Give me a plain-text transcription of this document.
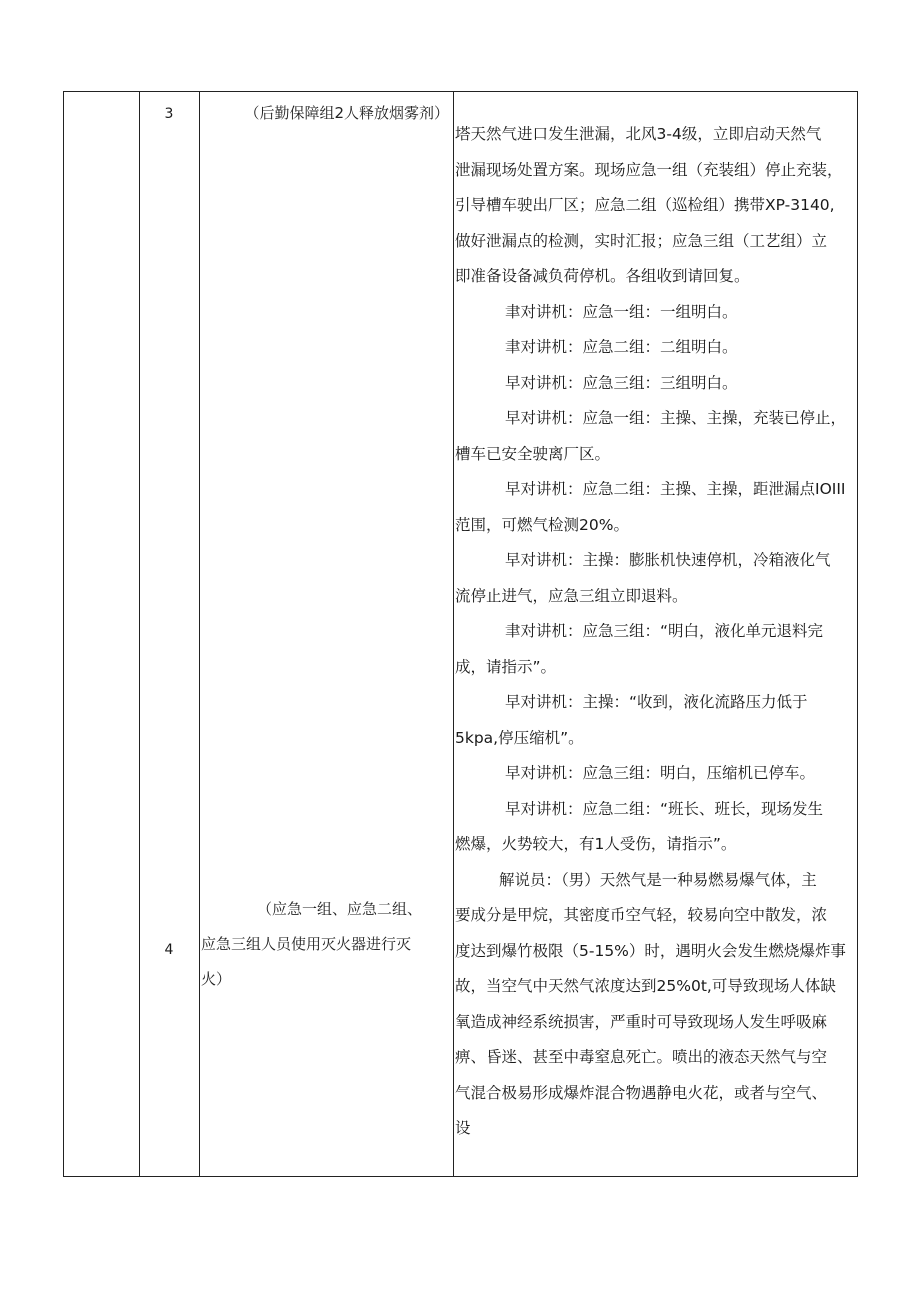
3	（后勤保障组2人释放烟雾剂）
4
（应急一组、应急二组、
应急三组人员使用灭火器进行灭
火）
塔天然气进口发生泄漏，北风3-4级，立即启动天然气
泄漏现场处置方案。现场应急一组（充装组）停止充装，
引导槽车驶出厂区；应急二组（巡检组）携带XP-3140,
做好泄漏点的检测，实时汇报；应急三组（工艺组）立
即准备设备减负荷停机。各组收到请回复。
聿对讲机：应急一组：一组明白。
聿对讲机：应急二组：二组明白。
早对讲机：应急三组：三组明白。
早对讲机：应急一组：主操、主操，充装已停止，
槽车已安全驶离厂区。
早对讲机：应急二组：主操、主操，距泄漏点IOIII
范围，可燃气检测20%。
早对讲机：主操：膨胀机快速停机，冷箱液化气
流停止进气，应急三组立即退料。
聿对讲机：应急三组：“明白，液化单元退料完
成，请指示”。
早对讲机：主操：“收到，液化流路压力低于
5kpa,停压缩机”。
早对讲机：应急三组：明白，压缩机已停车。
早对讲机：应急二组：“班长、班长，现场发生
燃爆，火势较大，有1人受伤，请指示”。
解说员：（男）天然气是一种易燃易爆气体，主
要成分是甲烷，其密度币空气轻，较易向空中散发，浓
度达到爆竹极限（5-15%）时，遇明火会发生燃烧爆炸事
故，当空气中天然气浓度达到25%0t,可导致现场人体缺
氧造成神经系统损害，严重时可导致现场人发生呼吸麻
痹、昏迷、甚至中毒窒息死亡。喷出的液态天然气与空
气混合极易形成爆炸混合物遇静电火花，或者与空气、
设
